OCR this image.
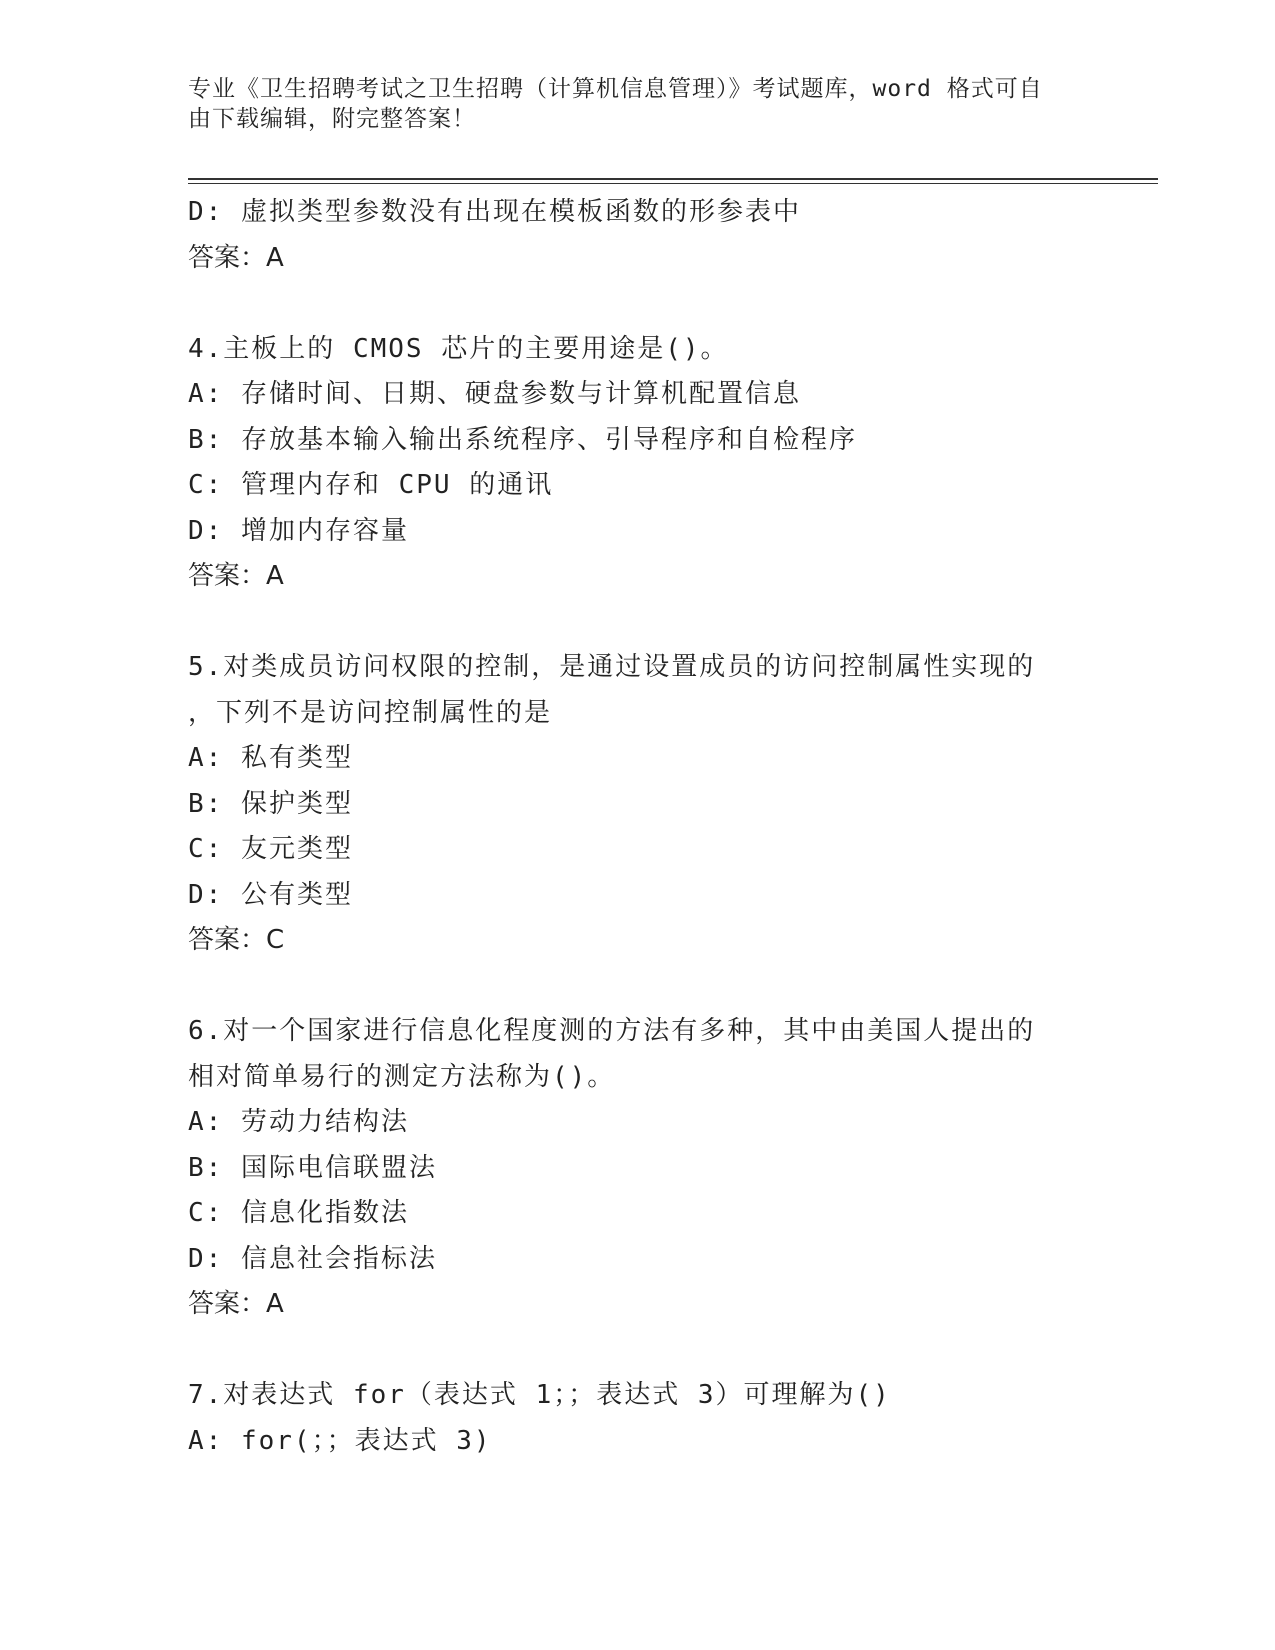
专业《卫生招聘考试之卫生招聘（计算机信息管理）》考试题库，word 格式可自
由下载编辑，附完整答案！
D: 虚拟类型参数没有出现在模板函数的形参表中
答案：A
4.主板上的 CMOS 芯片的主要用途是()。
A: 存储时间、日期、硬盘参数与计算机配置信息
B: 存放基本输入输出系统程序、引导程序和自检程序
C: 管理内存和 CPU 的通讯
D: 增加内存容量
答案：A
5.对类成员访问权限的控制，是通过设置成员的访问控制属性实现的
，下列不是访问控制属性的是
A: 私有类型
B: 保护类型
C: 友元类型
D: 公有类型
答案：C
6.对一个国家进行信息化程度测的方法有多种，其中由美国人提出的
相对简单易行的测定方法称为()。
A: 劳动力结构法
B: 国际电信联盟法
C: 信息化指数法
D: 信息社会指标法
答案：A
7.对表达式 for（表达式 1；；表达式 3）可理解为()
A: for(；；表达式 3)
